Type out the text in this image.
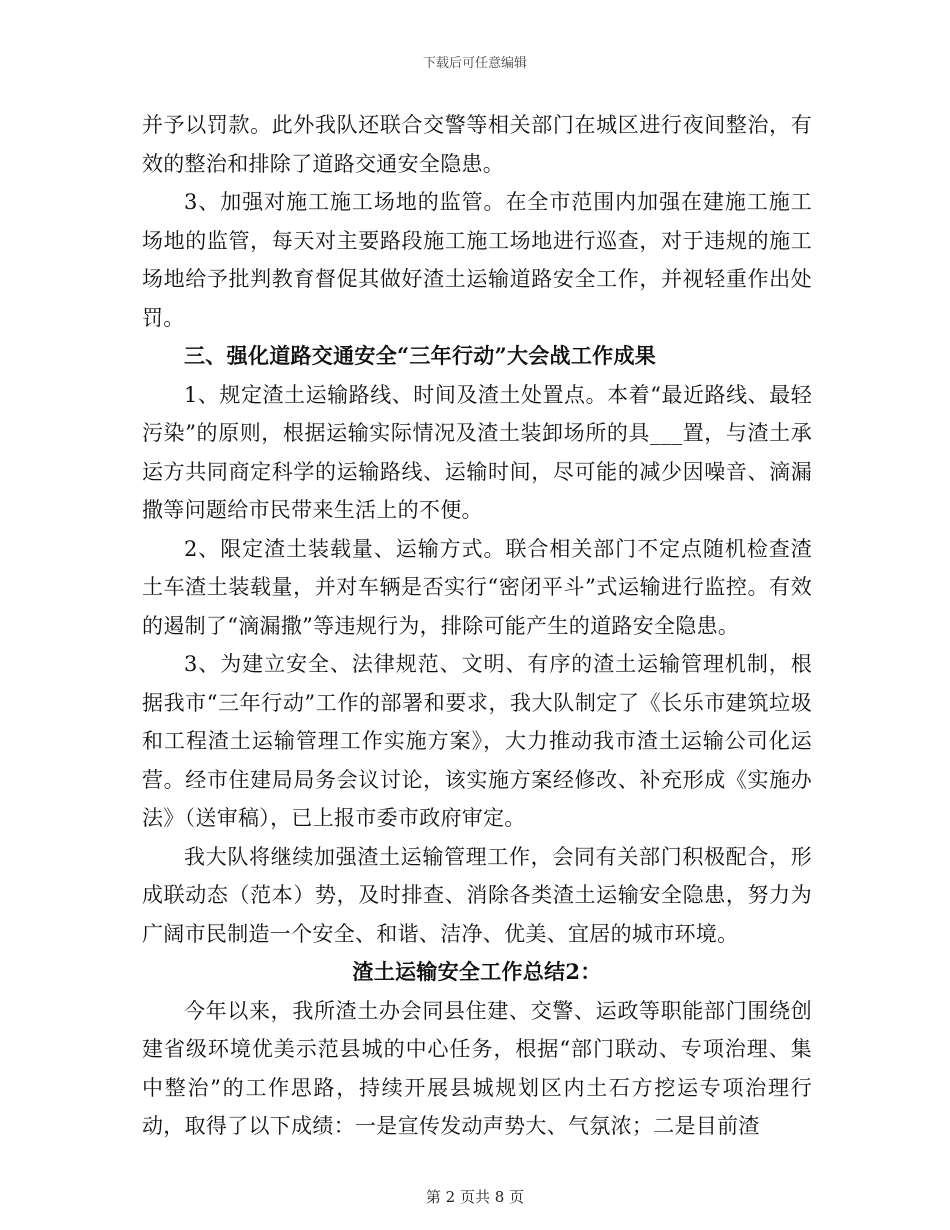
下载后可任意编辑

并予以罚款。此外我队还联合交警等相关部门在城区进行夜间整治，有效的整治和排除了道路交通安全隐患。

3、加强对施工施工场地的监管。在全市范围内加强在建施工施工场地的监管，每天对主要路段施工施工场地进行巡查，对于违规的施工场地给予批判教育督促其做好渣土运输道路安全工作，并视轻重作出处罚。

三、强化道路交通安全“三年行动”大会战工作成果

1、规定渣土运输路线、时间及渣土处置点。本着“最近路线、最轻污染”的原则，根据运输实际情况及渣土装卸场所的具___置，与渣土承运方共同商定科学的运输路线、运输时间，尽可能的减少因噪音、滴漏撒等问题给市民带来生活上的不便。

2、限定渣土装载量、运输方式。联合相关部门不定点随机检查渣土车渣土装载量，并对车辆是否实行“密闭平斗”式运输进行监控。有效的遏制了“滴漏撒”等违规行为，排除可能产生的道路安全隐患。

3、为建立安全、法律规范、文明、有序的渣土运输管理机制，根据我市“三年行动”工作的部署和要求，我大队制定了《长乐市建筑垃圾和工程渣土运输管理工作实施方案》，大力推动我市渣土运输公司化运营。经市住建局局务会议讨论，该实施方案经修改、补充形成《实施办法》（送审稿），已上报市委市政府审定。

我大队将继续加强渣土运输管理工作，会同有关部门积极配合，形成联动态（范本）势，及时排查、消除各类渣土运输安全隐患，努力为广阔市民制造一个安全、和谐、洁净、优美、宜居的城市环境。

渣土运输安全工作总结2：

今年以来，我所渣土办会同县住建、交警、运政等职能部门围绕创建省级环境优美示范县城的中心任务，根据“部门联动、专项治理、集中整治”的工作思路，持续开展县城规划区内土石方挖运专项治理行动，取得了以下成绩：一是宣传发动声势大、气氛浓；二是目前渣

第 2 页共 8 页
